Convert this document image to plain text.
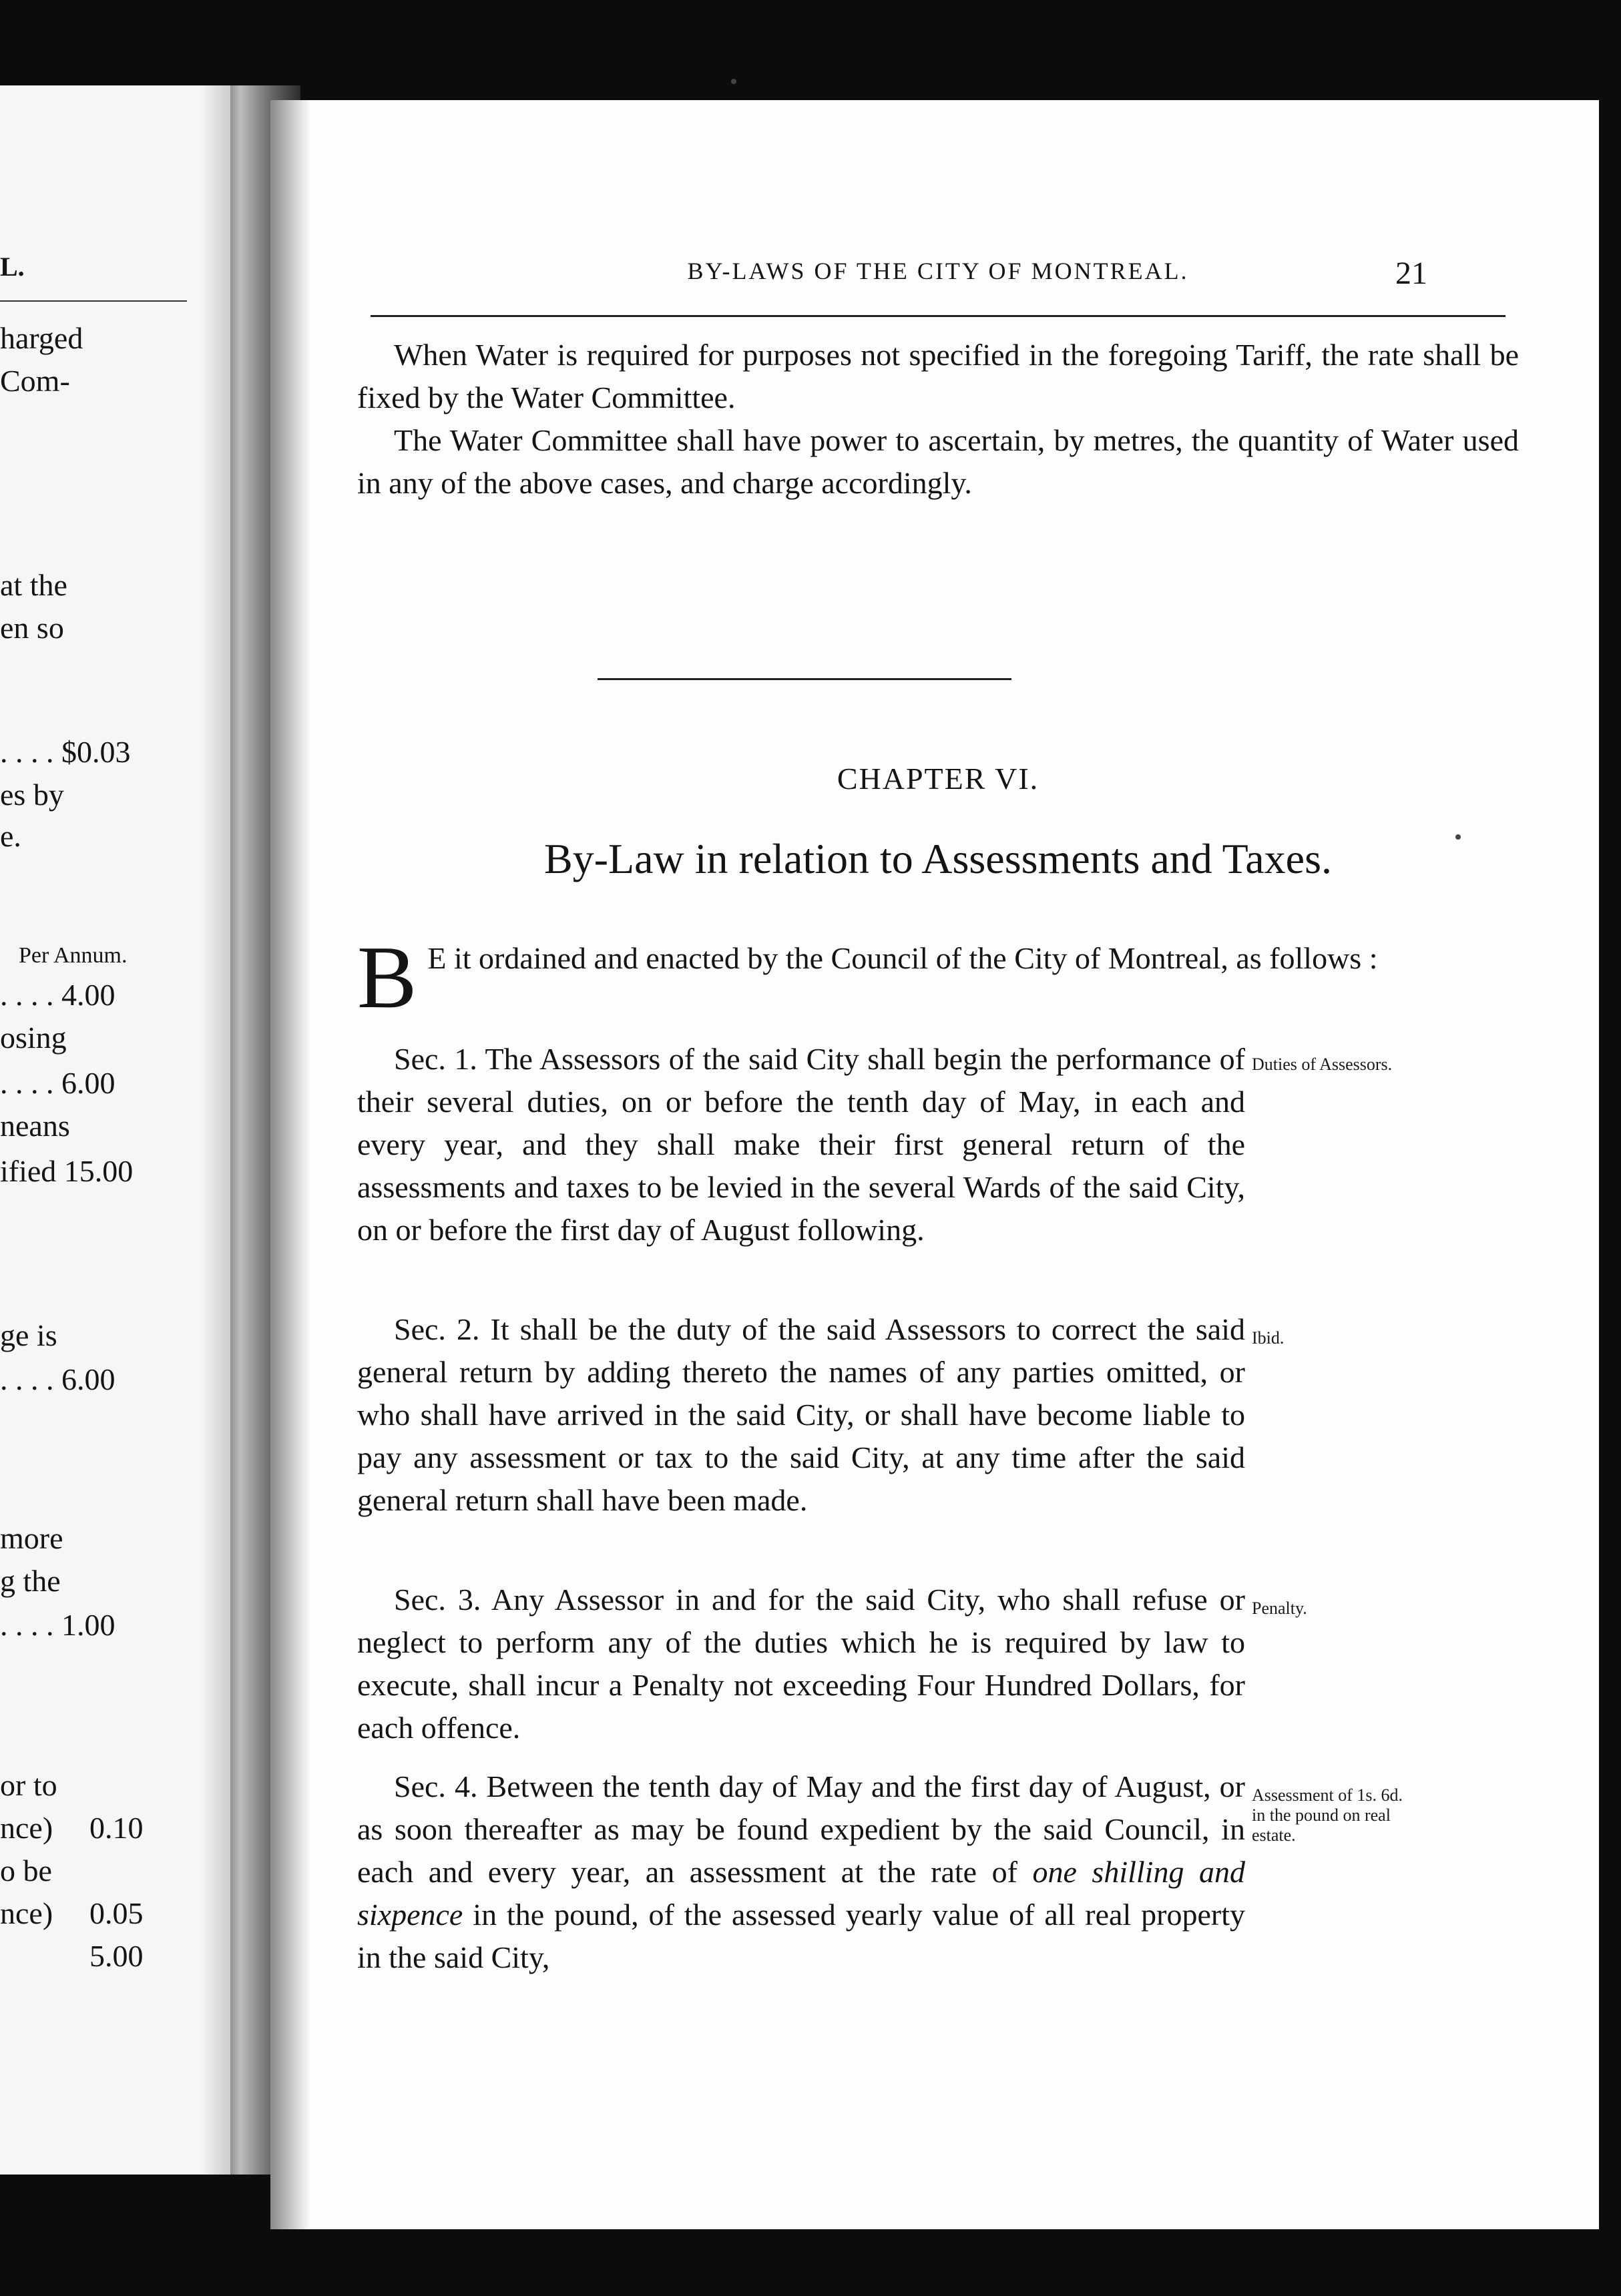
L.
harged
Com-
at the
en so
. . . . $0.03
es by
e.
Per Annum.
. . . . 4.00
osing
. . . . 6.00
neans
ified 15.00
ge is
. . . . 6.00
more
g the
. . . . 1.00
or to
nce) 0.10
o be
nce) 0.05
5.00
BY-LAWS OF THE CITY OF MONTREAL.	21

When Water is required for purposes not specified in the foregoing Tariff, the rate shall be fixed by the Water Committee.

The Water Committee shall have power to ascertain, by metres, the quantity of Water used in any of the above cases, and charge accordingly.

CHAPTER VI.
By-Law in relation to Assessments and Taxes.
B E it ordained and enacted by the Council of the City of Montreal, as follows :

Sec. 1. The Assessors of the said City shall begin the performance of their several duties, on or before the tenth day of May, in each and every year, and they shall make their first general return of the assessments and taxes to be levied in the several Wards of the said City, on or before the first day of August following.

Duties of Assessors.

Sec. 2. It shall be the duty of the said Assessors to correct the said general return by adding thereto the names of any parties omitted, or who shall have arrived in the said City, or shall have become liable to pay any assessment or tax to the said City, at any time after the said general return shall have been made.

Ibid.

Sec. 3. Any Assessor in and for the said City, who shall refuse or neglect to perform any of the duties which he is required by law to execute, shall incur a Penalty not exceeding Four Hundred Dollars, for each offence.

Penalty.

Sec. 4. Between the tenth day of May and the first day of August, or as soon thereafter as may be found expedient by the said Council, in each and every year, an assessment at the rate of one shilling and sixpence in the pound, of the assessed yearly value of all real property in the said City,

Assessment of 1s. 6d. in the pound on real estate.
